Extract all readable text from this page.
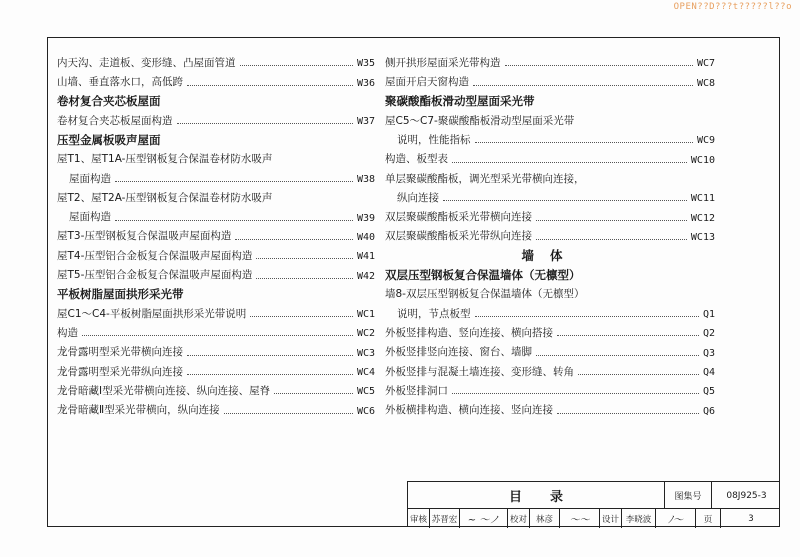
OPEN??D???t?????l??o
内天沟、走道板、变形缝、凸屋面管道	W35
山墙、垂直落水口，高低跨	W36
卷材复合夹芯板屋面
卷材复合夹芯板屋面构造	W37
压型金属板吸声屋面
屋T1、屋T1A-压型钢板复合保温卷材防水吸声
屋面构造	W38
屋T2、屋T2A-压型钢板复合保温卷材防水吸声
屋面构造	W39
屋T3-压型钢板复合保温吸声屋面构造	W40
屋T4-压型铝合金板复合保温吸声屋面构造	W41
屋T5-压型铝合金板复合保温吸声屋面构造	W42
平板树脂屋面拱形采光带
屋C1～C4-平板树脂屋面拱形采光带说明	WC1
构造	WC2
龙骨露明型采光带横向连接	WC3
龙骨露明型采光带纵向连接	WC4
龙骨暗藏Ⅰ型采光带横向连接、纵向连接、屋脊	WC5
龙骨暗藏Ⅱ型采光带横向，纵向连接	WC6
侧开拱形屋面采光带构造	WC7
屋面开启天窗构造	WC8
聚碳酸酯板滑动型屋面采光带
屋C5～C7-聚碳酸酯板滑动型屋面采光带
说明，性能指标	WC9
构造、板型表	WC10
单层聚碳酸酯板，调光型采光带横向连接，
纵向连接	WC11
双层聚碳酸酯板采光带横向连接	WC12
双层聚碳酸酯板采光带纵向连接	WC13
墙体
双层压型钢板复合保温墙体（无檩型）
墙8-双层压型钢板复合保温墙体（无檩型）
说明，节点板型	Q1
外板竖排构造、竖向连接、横向搭接	Q2
外板竖排竖向连接、窗台、墙脚	Q3
外板竖排与混凝土墙连接、变形缝、转角	Q4
外板竖排洞口	Q5
外板横排构造、横向连接、竖向连接	Q6
目录	图集号	08J925-3
审核 苏晋宏 ~ 〜ノ 校对	林彦	〜〜 设计 李晓波	ﾉ〜	页	3
